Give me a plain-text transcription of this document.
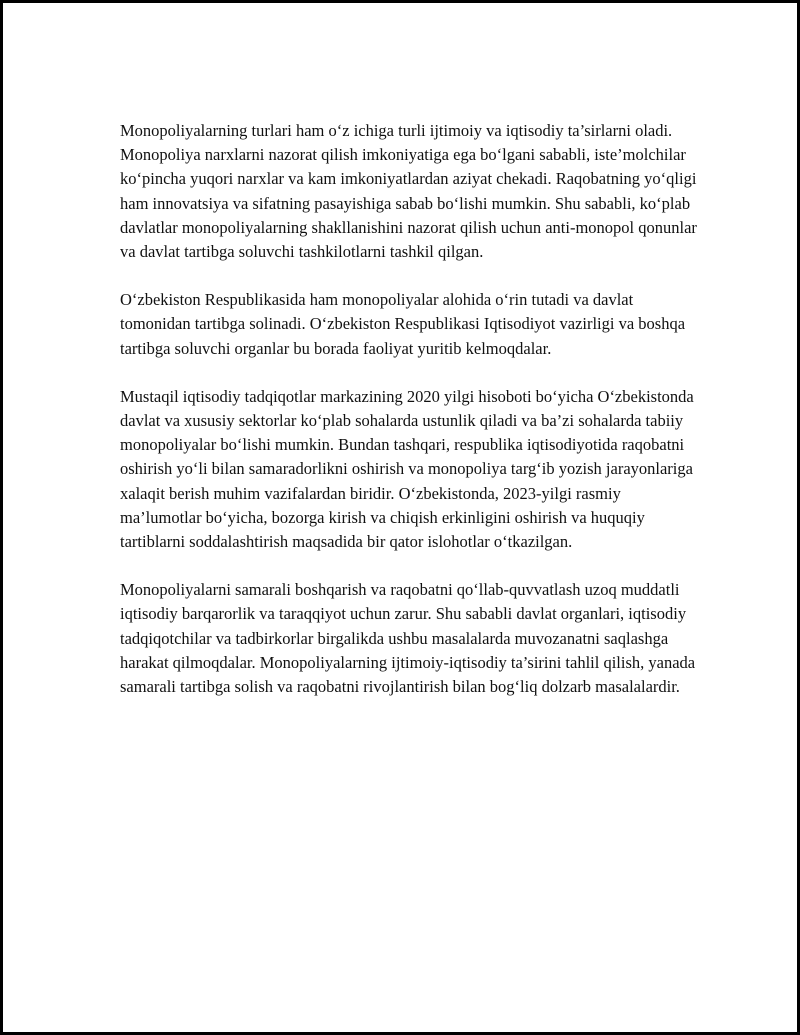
Monopoliyalarning turlari ham o‘z ichiga turli ijtimoiy va iqtisodiy ta’sirlarni oladi. Monopoliya narxlarni nazorat qilish imkoniyatiga ega bo‘lgani sababli, iste’molchilar ko‘pincha yuqori narxlar va kam imkoniyatlardan aziyat chekadi. Raqobatning yo‘qligi ham innovatsiya va sifatning pasayishiga sabab bo‘lishi mumkin. Shu sababli, ko‘plab davlatlar monopoliyalarning shakllanishini nazorat qilish uchun anti-monopol qonunlar va davlat tartibga soluvchi tashkilotlarni tashkil qilgan.

O‘zbekiston Respublikasida ham monopoliyalar alohida o‘rin tutadi va davlat tomonidan tartibga solinadi. O‘zbekiston Respublikasi Iqtisodiyot vazirligi va boshqa tartibga soluvchi organlar bu borada faoliyat yuritib kelmoqdalar.

Mustaqil iqtisodiy tadqiqotlar markazining 2020 yilgi hisoboti bo‘yicha O‘zbekistonda davlat va xususiy sektorlar ko‘plab sohalarda ustunlik qiladi va ba’zi sohalarda tabiiy monopoliyalar bo‘lishi mumkin. Bundan tashqari, respublika iqtisodiyotida raqobatni oshirish yo‘li bilan samaradorlikni oshirish va monopoliya targ‘ib yozish jarayonlariga xalaqit berish muhim vazifalardan biridir. O‘zbekistonda, 2023-yilgi rasmiy ma’lumotlar bo‘yicha, bozorga kirish va chiqish erkinligini oshirish va huquqiy tartiblarni soddalashtirish maqsadida bir qator islohotlar o‘tkazilgan.

Monopoliyalarni samarali boshqarish va raqobatni qo‘llab-quvvatlash uzoq muddatli iqtisodiy barqarorlik va taraqqiyot uchun zarur. Shu sababli davlat organlari, iqtisodiy tadqiqotchilar va tadbirkorlar birgalikda ushbu masalalarda muvozanatni saqlashga harakat qilmoqdalar. Monopoliyalarning ijtimoiy-iqtisodiy ta’sirini tahlil qilish, yanada samarali tartibga solish va raqobatni rivojlantirish bilan bog‘liq dolzarb masalalardir.
